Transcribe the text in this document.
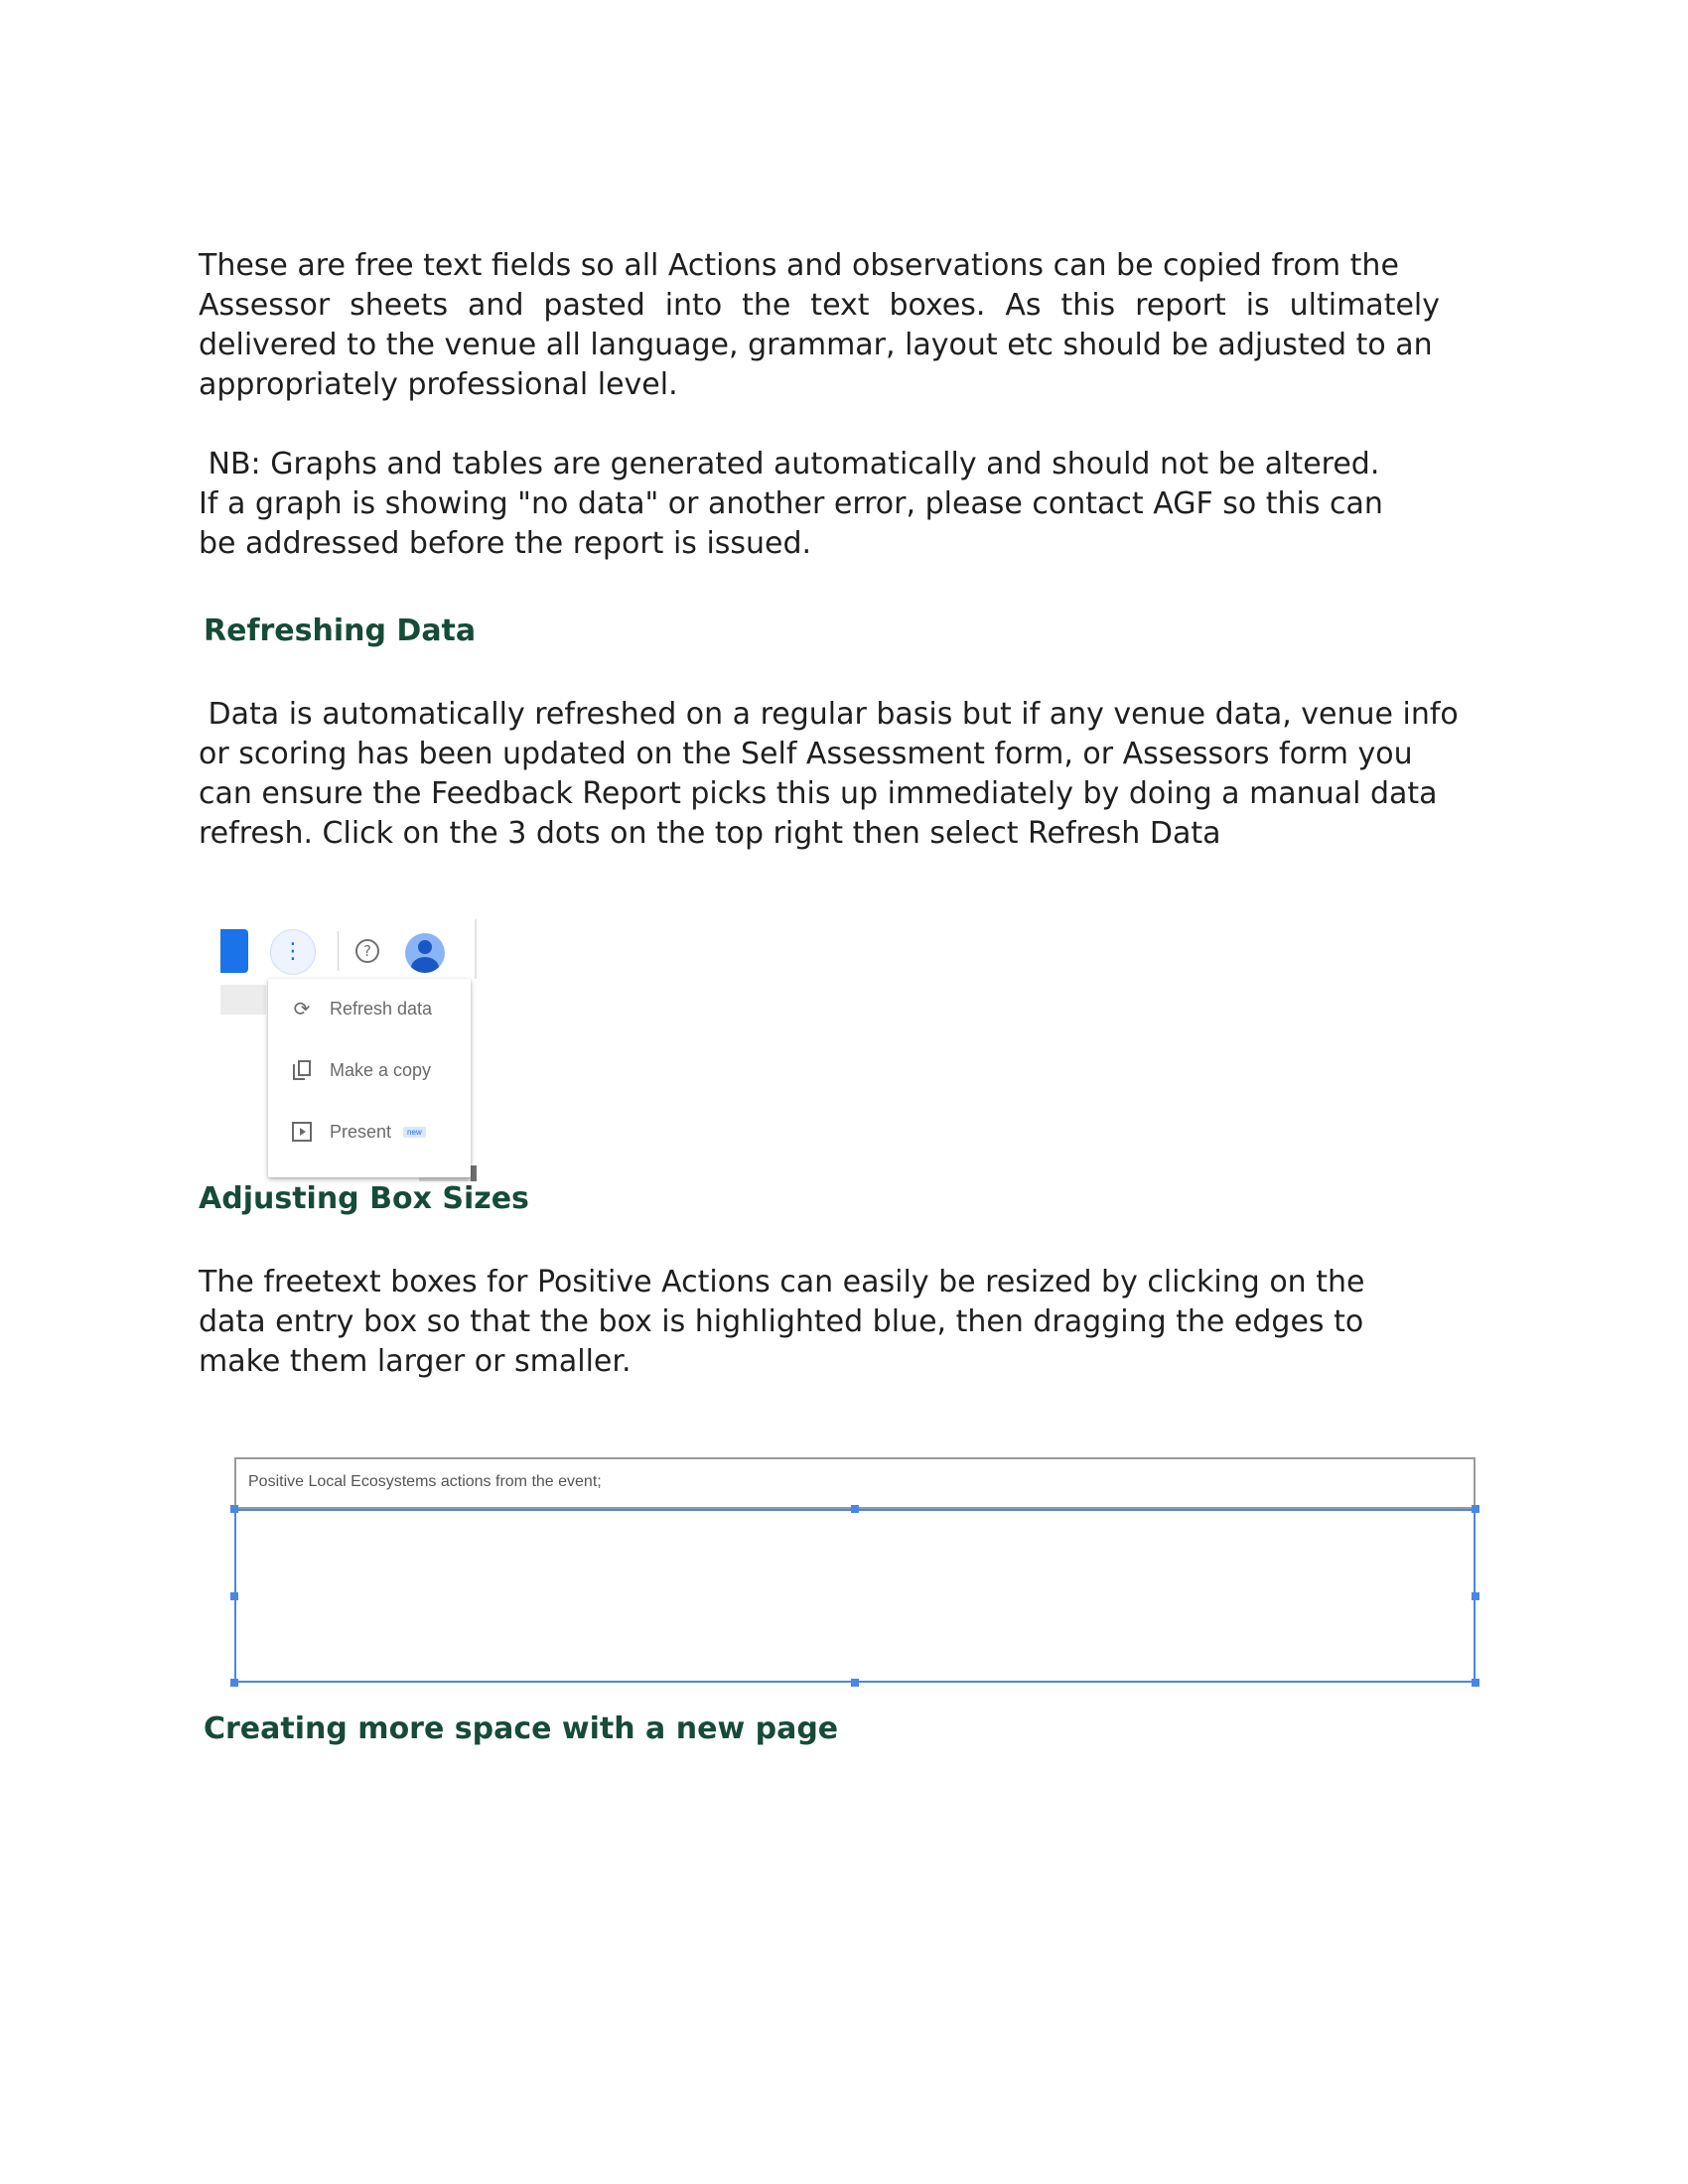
These are free text fields so all Actions and observations can be copied from the
Assessor sheets and pasted into the text boxes. As this report is ultimately
delivered to the venue all language, grammar, layout etc should be adjusted to an
appropriately professional level.
NB: Graphs and tables are generated automatically and should not be altered.
If a graph is showing "no data" or another error, please contact AGF so this can
be addressed before the report is issued.
Refreshing Data
Data is automatically refreshed on a regular basis but if any venue data, venue info
or scoring has been updated on the Self Assessment form, or Assessors form you
can ensure the Feedback Report picks this up immediately by doing a manual data
refresh. Click on the 3 dots on the top right then select Refresh Data
⋮	?
⟳ Refresh data
Make a copy
Present	new
Adjusting Box Sizes
The freetext boxes for Positive Actions can easily be resized by clicking on the
data entry box so that the box is highlighted blue, then dragging the edges to
make them larger or smaller.
Positive Local Ecosystems actions from the event;
Creating more space with a new page
